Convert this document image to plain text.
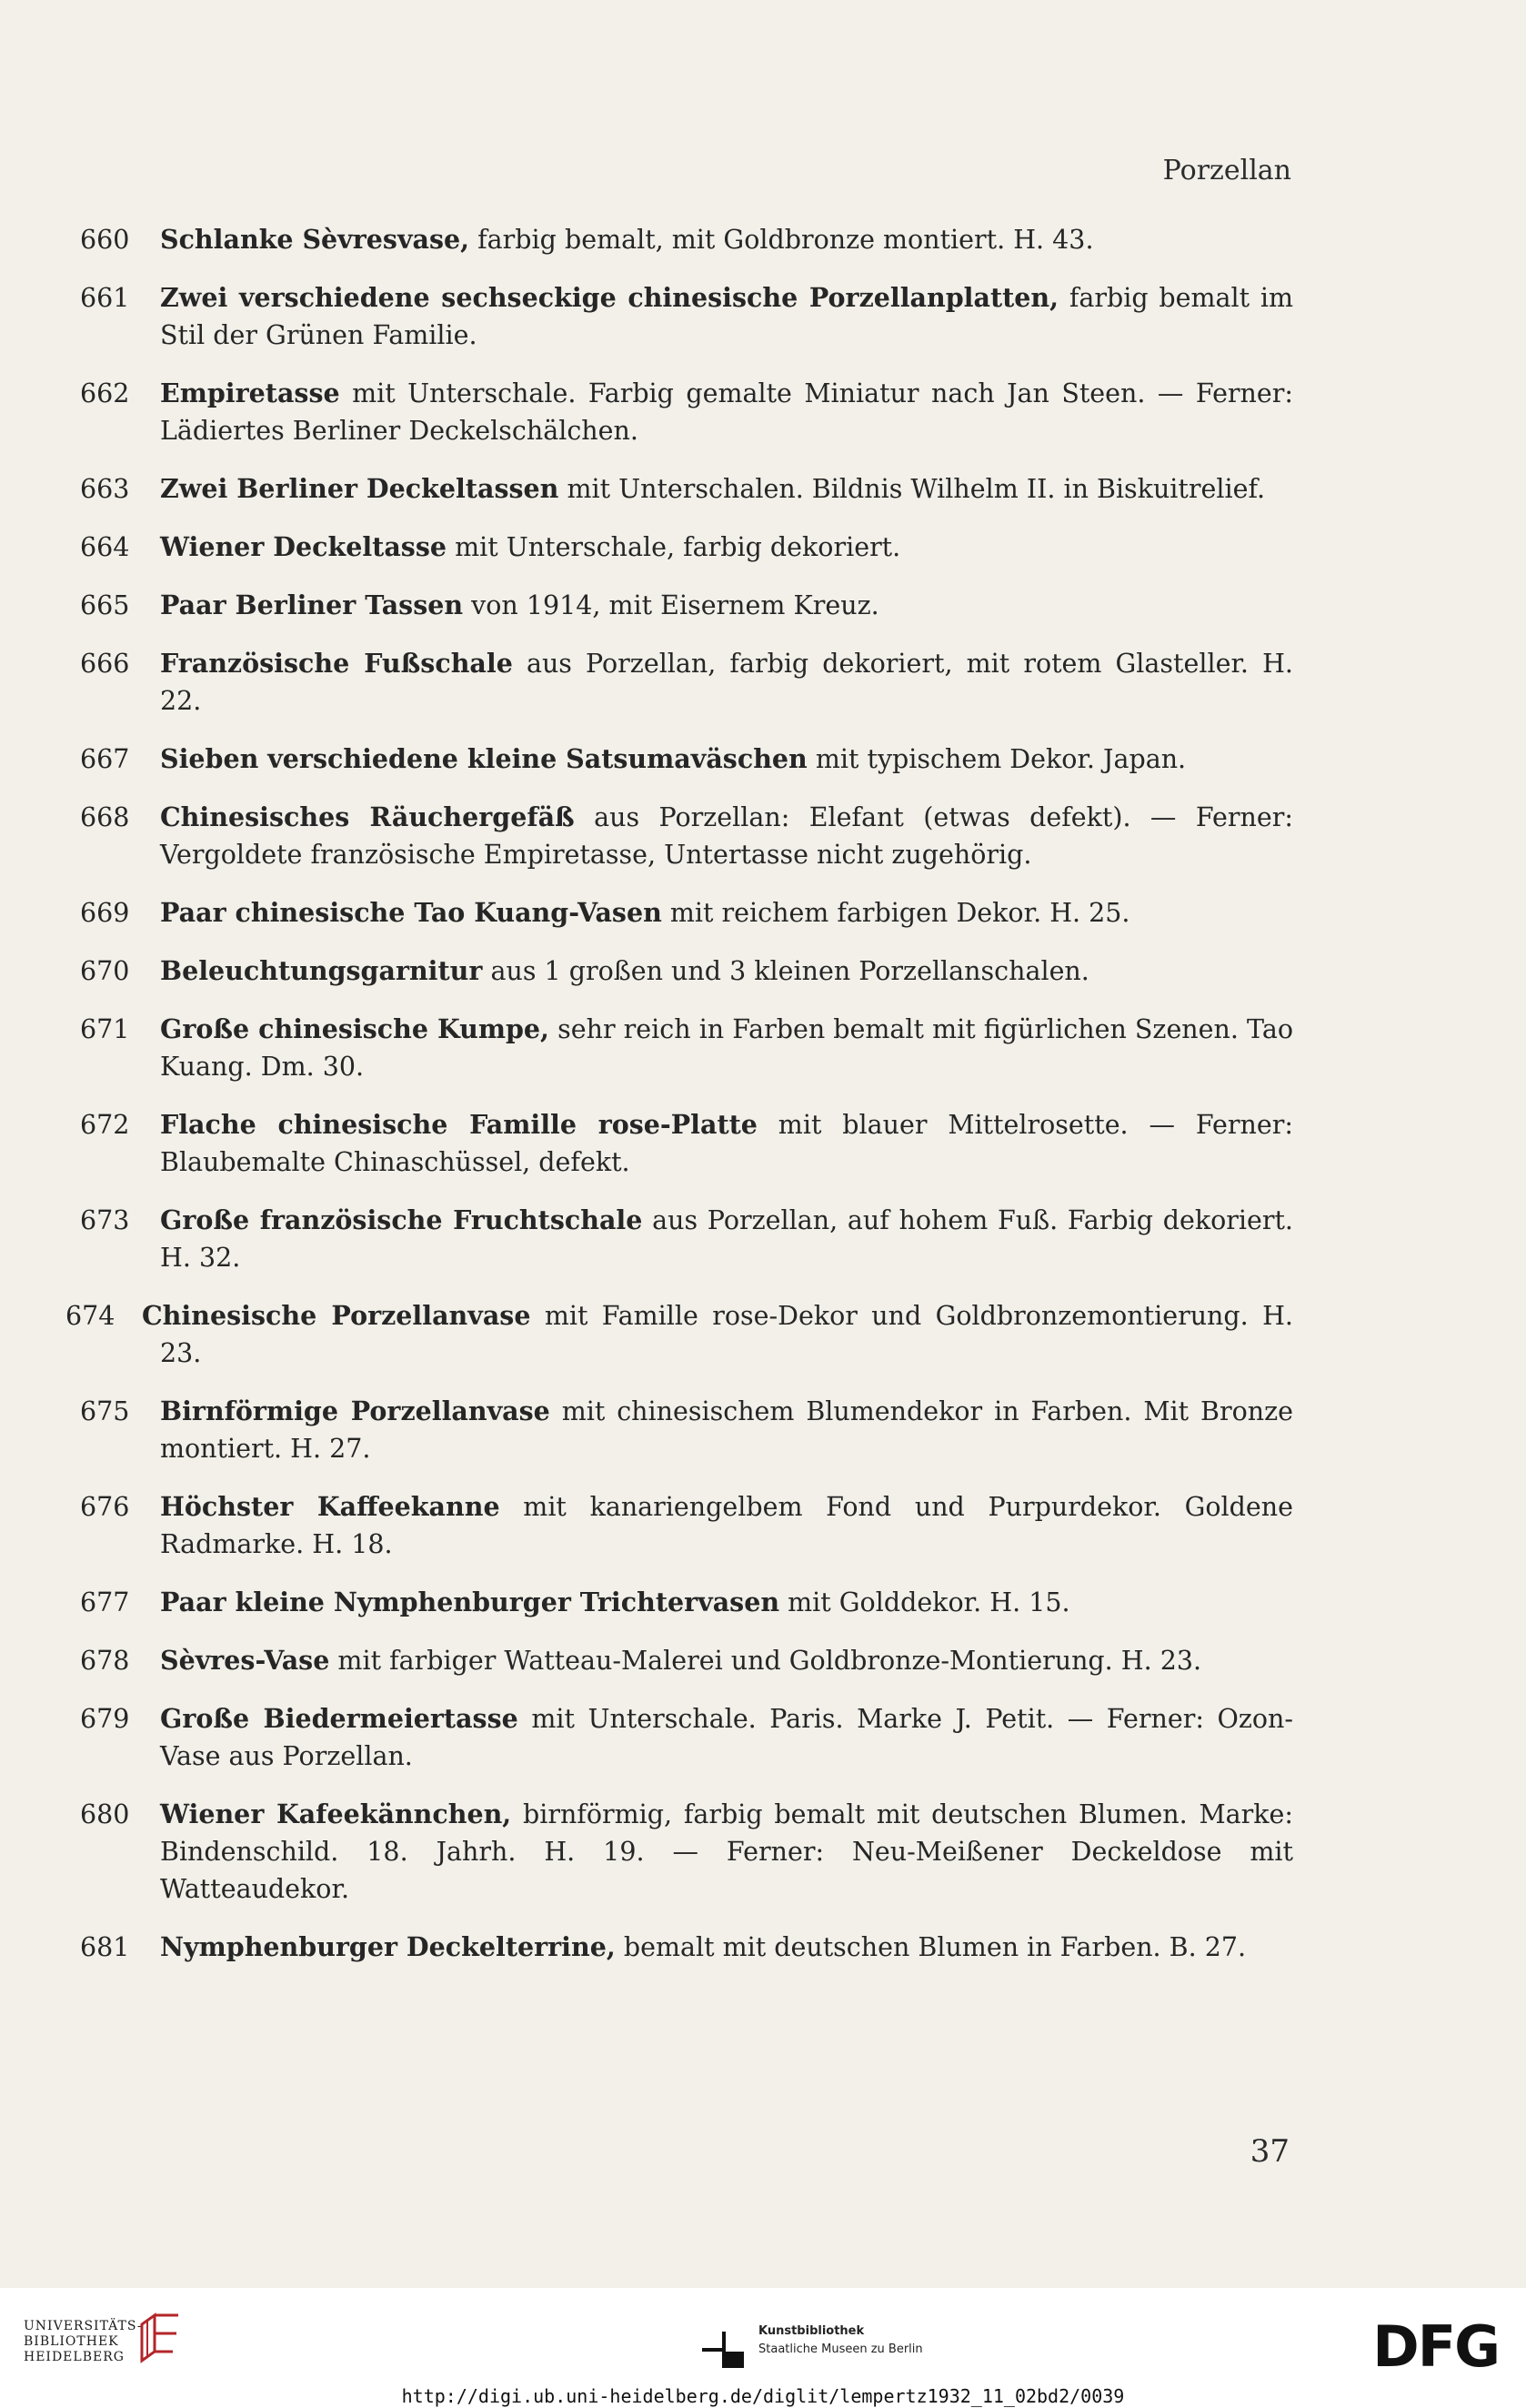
Porzellan
660 Schlanke Sèvresvase, farbig bemalt, mit Goldbronze montiert. H. 43.
661 Zwei verschiedene sechseckige chinesische Porzellanplatten, farbig bemalt im Stil der Grünen Familie.
662 Empiretasse mit Unterschale. Farbig gemalte Miniatur nach Jan Steen. — Ferner: Lädiertes Berliner Deckelschälchen.
663 Zwei Berliner Deckeltassen mit Unterschalen. Bildnis Wilhelm II. in Biskuitrelief.
664 Wiener Deckeltasse mit Unterschale, farbig dekoriert.
665 Paar Berliner Tassen von 1914, mit Eisernem Kreuz.
666 Französische Fußschale aus Porzellan, farbig dekoriert, mit rotem Glasteller. H. 22.
667 Sieben verschiedene kleine Satsumaväschen mit typischem Dekor. Japan.
668 Chinesisches Räuchergefäß aus Porzellan: Elefant (etwas defekt). — Ferner: Vergoldete französische Empiretasse, Untertasse nicht zugehörig.
669 Paar chinesische Tao Kuang-Vasen mit reichem farbigen Dekor. H. 25.
670 Beleuchtungsgarnitur aus 1 großen und 3 kleinen Porzellanschalen.
671 Große chinesische Kumpe, sehr reich in Farben bemalt mit figürlichen Szenen. Tao Kuang. Dm. 30.
672 Flache chinesische Famille rose-Platte mit blauer Mittelrosette. — Ferner: Blaubemalte Chinaschüssel, defekt.
673 Große französische Fruchtschale aus Porzellan, auf hohem Fuß. Farbig dekoriert. H. 32.
674 Chinesische Porzellanvase mit Famille rose-Dekor und Goldbronzemontierung. H. 23.
675 Birnförmige Porzellanvase mit chinesischem Blumendekor in Farben. Mit Bronze montiert. H. 27.
676 Höchster Kaffeekanne mit kanariengelbem Fond und Purpurdekor. Goldene Radmarke. H. 18.
677 Paar kleine Nymphenburger Trichtervasen mit Golddekor. H. 15.
678 Sèvres-Vase mit farbiger Watteau-Malerei und Goldbronze-Montierung. H. 23.
679 Große Biedermeiertasse mit Unterschale. Paris. Marke J. Petit. — Ferner: Ozon-Vase aus Porzellan.
680 Wiener Kafeekännchen, birnförmig, farbig bemalt mit deutschen Blumen. Marke: Bindenschild. 18. Jahrh. H. 19. — Ferner: Neu-Meißener Deckeldose mit Watteaudekor.
681 Nymphenburger Deckelterrine, bemalt mit deutschen Blumen in Farben. B. 27.
37
UNIVERSITÄTS-
BIBLIOTHEK
HEIDELBERG
Kunstbibliothek
Staatliche Museen zu Berlin	DFG
http://digi.ub.uni-heidelberg.de/diglit/lempertz1932_11_02bd2/0039
